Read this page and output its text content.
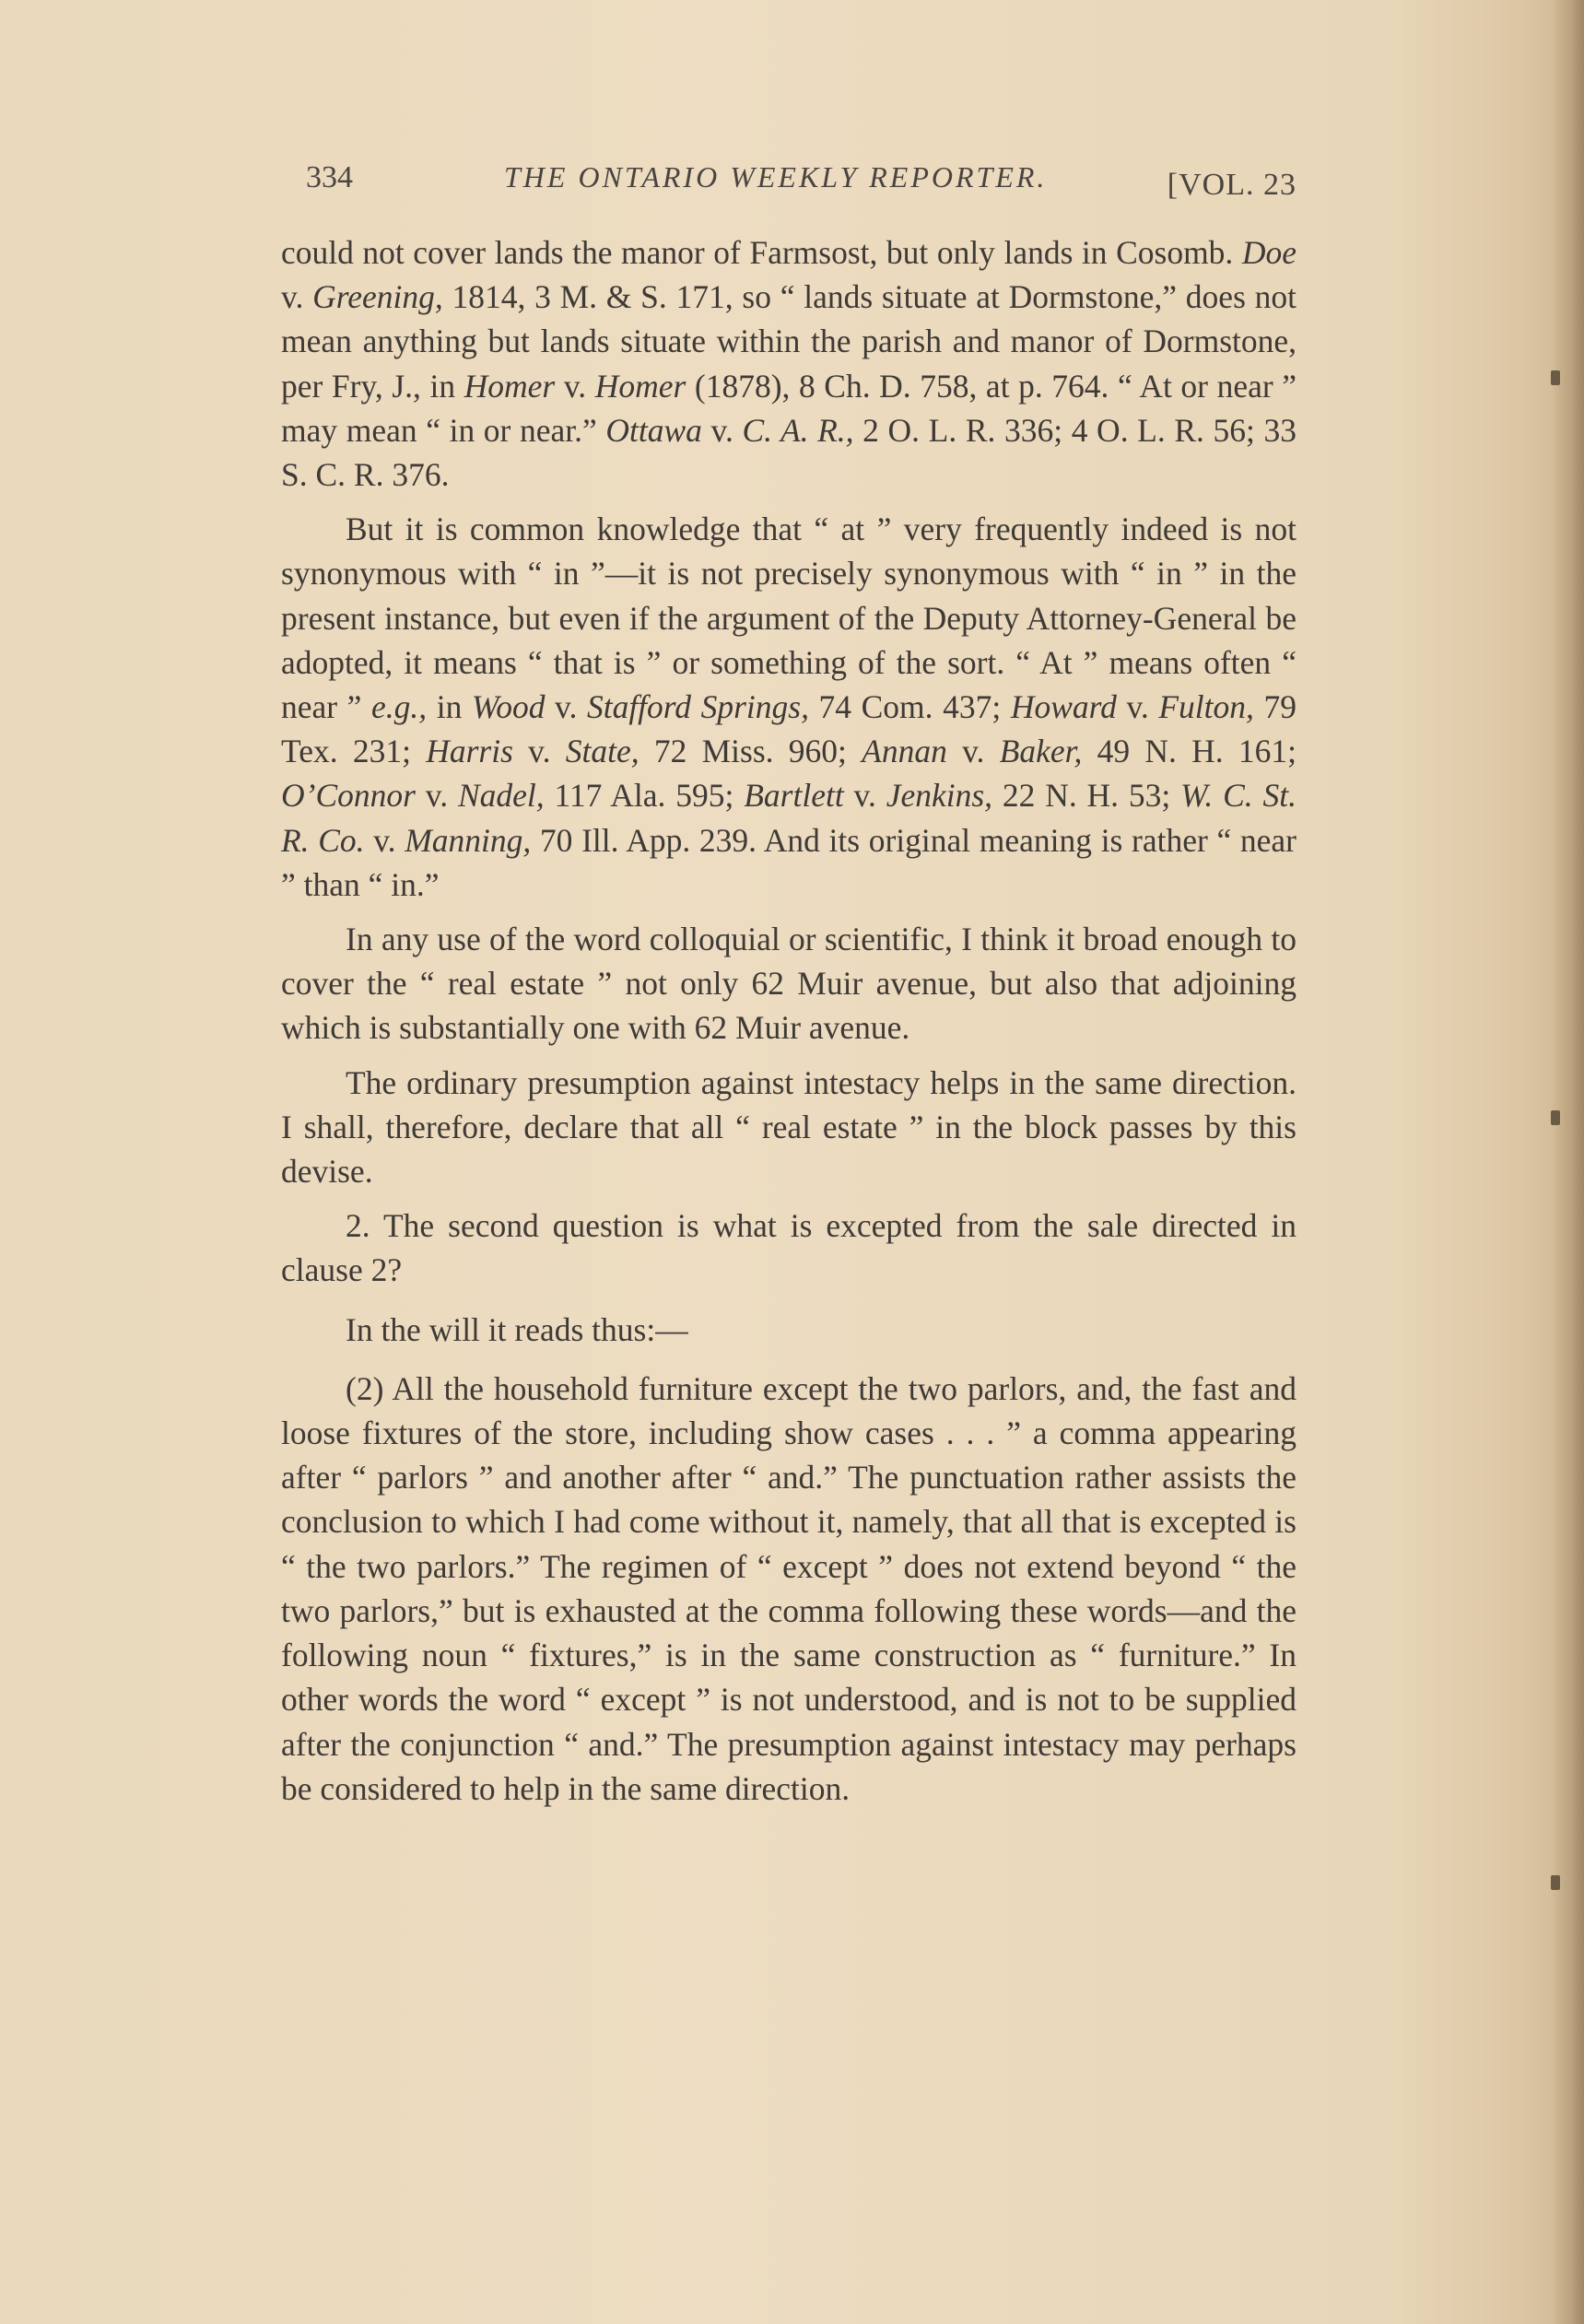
334	THE ONTARIO WEEKLY REPORTER.	[VOL. 23

could not cover lands the manor of Farmsost, but only lands in Cosomb. Doe v. Greening, 1814, 3 M. & S. 171, so “ lands situate at Dormstone,” does not mean anything but lands situate within the parish and manor of Dormstone, per Fry, J., in Homer v. Homer (1878), 8 Ch. D. 758, at p. 764. “ At or near ” may mean “ in or near.” Ottawa v. C. A. R., 2 O. L. R. 336; 4 O. L. R. 56; 33 S. C. R. 376.

But it is common knowledge that “ at ” very frequently indeed is not synonymous with “ in ”—it is not precisely synonymous with “ in ” in the present instance, but even if the argument of the Deputy Attorney-General be adopted, it means “ that is ” or something of the sort. “ At ” means often “ near ” e.g., in Wood v. Stafford Springs, 74 Com. 437; Howard v. Fulton, 79 Tex. 231; Harris v. State, 72 Miss. 960; Annan v. Baker, 49 N. H. 161; O’Connor v. Nadel, 117 Ala. 595; Bartlett v. Jenkins, 22 N. H. 53; W. C. St. R. Co. v. Manning, 70 Ill. App. 239. And its original meaning is rather “ near ” than “ in.”

In any use of the word colloquial or scientific, I think it broad enough to cover the “ real estate ” not only 62 Muir avenue, but also that adjoining which is substantially one with 62 Muir avenue.

The ordinary presumption against intestacy helps in the same direction. I shall, therefore, declare that all “ real estate ” in the block passes by this devise.

2. The second question is what is excepted from the sale directed in clause 2?

In the will it reads thus:—

(2) All the household furniture except the two parlors, and, the fast and loose fixtures of the store, including show cases . . . ” a comma appearing after “ parlors ” and another after “ and.” The punctuation rather assists the conclusion to which I had come without it, namely, that all that is excepted is “ the two parlors.” The regimen of “ except ” does not extend beyond “ the two parlors,” but is exhausted at the comma following these words—and the following noun “ fixtures,” is in the same construction as “ furniture.” In other words the word “ except ” is not understood, and is not to be supplied after the conjunction “ and.” The presumption against intestacy may perhaps be considered to help in the same direction.
